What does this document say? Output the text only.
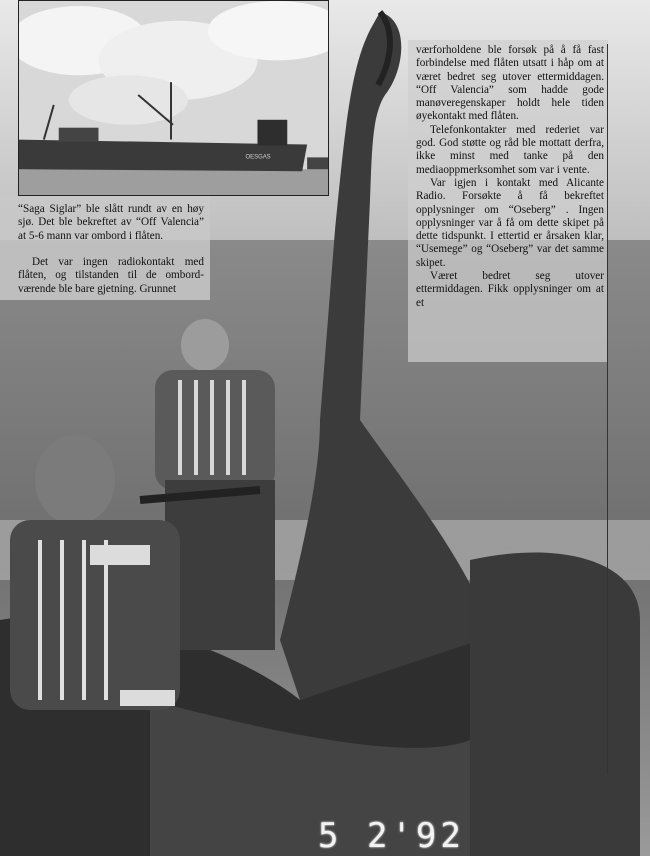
OESGAS

“Saga Siglar” ble slått rundt av en høy sjø. Det ble bekreftet av “Off Valencia” at 5-6 mann var ombord i flåten.

Det var ingen radiokontakt med flåten, og tilstanden til de ombord-værende ble bare gjetning. Grunnet

værforholdene ble forsøk på å få fast forbindelse med flåten utsatt i håp om at været bedret seg utover ettermiddagen. “Off Valencia” som hadde gode manøveregenskaper holdt hele tiden øyekontakt med flåten.

Telefonkontakter med rederiet var god. God støtte og råd ble mottatt derfra, ikke minst med tanke på den mediaoppmerksomhet som var i vente.

Var igjen i kontakt med Alicante Radio. Forsøkte å få bekreftet opplysninger om “Oseberg” . Ingen opplysninger var å få om dette skipet på dette tidspunkt. I ettertid er årsaken klar, “Usemege” og “Oseberg” var det samme skipet.

Været bedret seg utover ettermiddagen. Fikk opplysninger om at et

5 2'92
